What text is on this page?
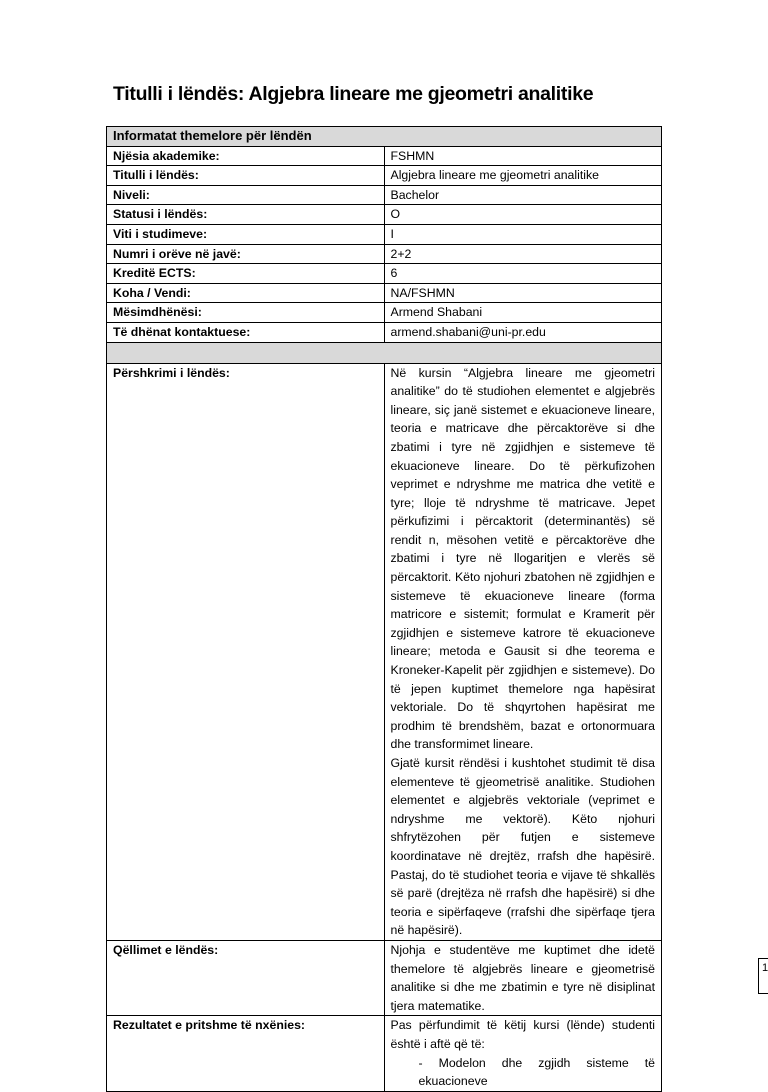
Titulli i lëndës: Algjebra lineare me gjeometri analitike
Informatat themelore për lëndën	
Njësia akademike:	FSHMN
Titulli i lëndës:	Algjebra lineare me gjeometri analitike
Niveli:	Bachelor
Statusi i lëndës:	O
Viti i studimeve:	I
Numri i orëve në javë:	2+2
Kreditë ECTS:	6
Koha / Vendi:	NA/FSHMN
Mësimdhënësi:	Armend Shabani
Të dhënat kontaktuese:	armend.shabani@uni-pr.edu

Përshkrimi i lëndës:	Në kursin “Algjebra lineare me gjeometri analitike” do të studiohen elementet e algjebrës lineare, siç janë sistemet e ekuacioneve lineare, teoria e matricave dhe përcaktorëve si dhe zbatimi i tyre në zgjidhjen e sistemeve të ekuacioneve lineare. Do të përkufizohen veprimet e ndryshme me matrica dhe vetitë e tyre; lloje të ndryshme të matricave. Jepet përkufizimi i përcaktorit (determinantës) së rendit n, mësohen vetitë e përcaktorëve dhe zbatimi i tyre në llogaritjen e vlerës së përcaktorit. Këto njohuri zbatohen në zgjidhjen e sistemeve të ekuacioneve lineare (forma matricore e sistemit; formulat e Kramerit për zgjidhjen e sistemeve katrore të ekuacioneve lineare; metoda e Gausit si dhe teorema e Kroneker-Kapelit për zgjidhjen e sistemeve). Do të jepen kuptimet themelore nga hapësirat vektoriale. Do të shqyrtohen hapësirat me prodhim të brendshëm, bazat e ortonormuara dhe transformimet lineare.

Gjatë kursit rëndësi i kushtohet studimit të disa elementeve të gjeometrisë analitike. Studiohen elementet e algjebrës vektoriale (veprimet e ndryshme me vektorë). Këto njohuri shfrytëzohen për futjen e sistemeve koordinatave në drejtëz, rrafsh dhe hapësirë. Pastaj, do të studiohet teoria e vijave të shkallës së parë (drejtëza në rrafsh dhe hapësirë) si dhe teoria e sipërfaqeve (rrafshi dhe sipërfaqe tjera në hapësirë).

Qëllimet e lëndës:	Njohja e studentëve me kuptimet dhe idetë themelore të algjebrës lineare e gjeometrisë analitike si dhe me zbatimin e tyre në disiplinat tjera matematike.

Rezultatet e pritshme të nxënies:	Pas përfundimit të këtij kursi (lënde) studenti është i aftë që të:

- Modelon dhe zgjidh sisteme të ekuacioneve

1
